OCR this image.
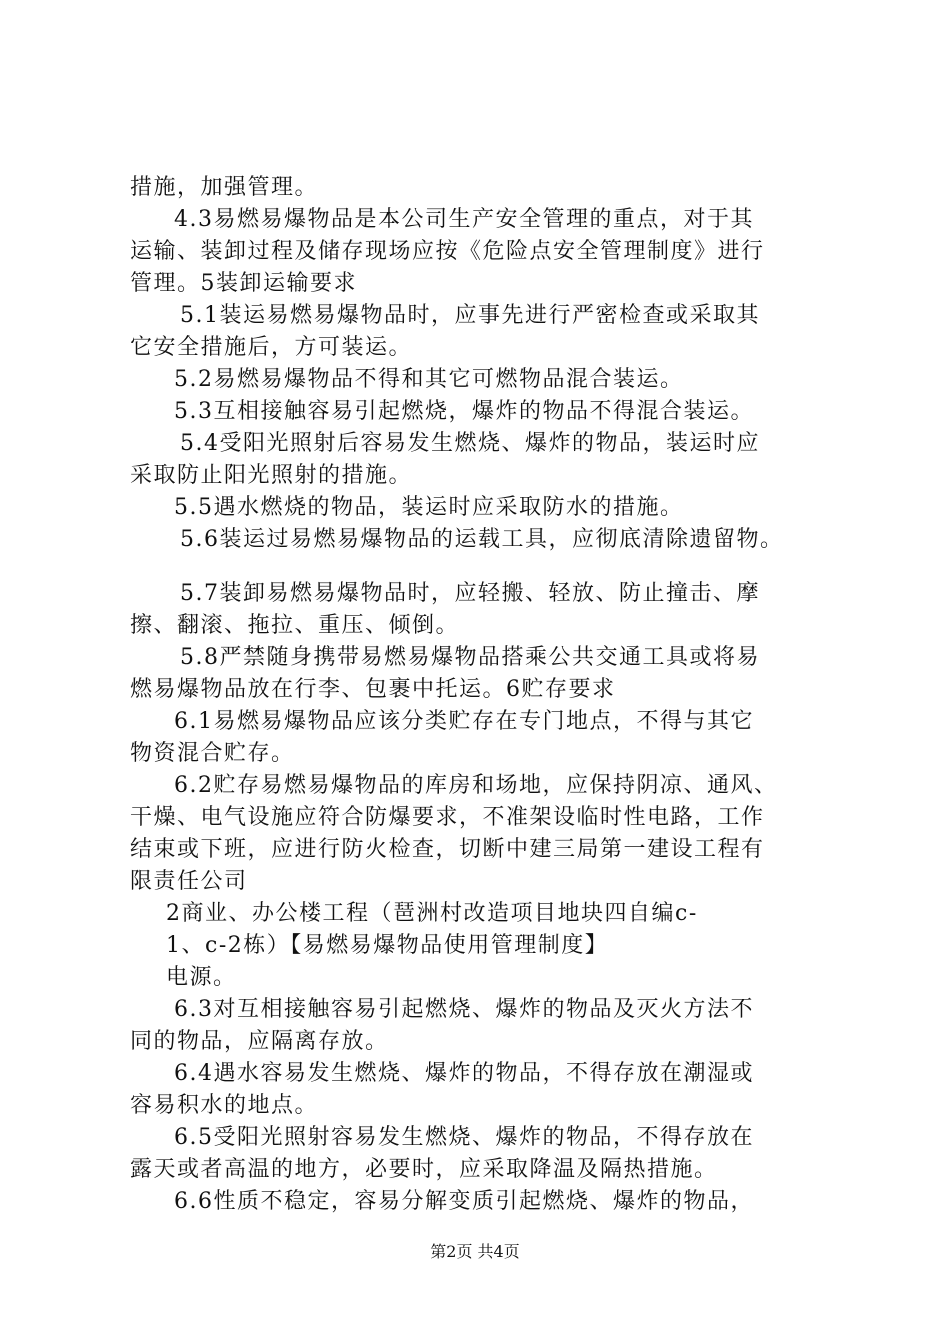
措施，加强管理。
4.3易燃易爆物品是本公司生产安全管理的重点，对于其
运输、装卸过程及储存现场应按《危险点安全管理制度》进行
管理。5装卸运输要求
5.1装运易燃易爆物品时，应事先进行严密检查或采取其
它安全措施后，方可装运。
5.2易燃易爆物品不得和其它可燃物品混合装运。
5.3互相接触容易引起燃烧，爆炸的物品不得混合装运。
5.4受阳光照射后容易发生燃烧、爆炸的物品，装运时应
采取防止阳光照射的措施。
5.5遇水燃烧的物品，装运时应采取防水的措施。
5.6装运过易燃易爆物品的运载工具，应彻底清除遗留物。
5.7装卸易燃易爆物品时，应轻搬、轻放、防止撞击、摩
擦、翻滚、拖拉、重压、倾倒。
5.8严禁随身携带易燃易爆物品搭乘公共交通工具或将易
燃易爆物品放在行李、包裹中托运。6贮存要求
6.1易燃易爆物品应该分类贮存在专门地点，不得与其它
物资混合贮存。
6.2贮存易燃易爆物品的库房和场地，应保持阴凉、通风、
干燥、电气设施应符合防爆要求，不准架设临时性电路，工作
结束或下班，应进行防火检查，切断中建三局第一建设工程有
限责任公司
2商业、办公楼工程（琶洲村改造项目地块四自编c-
1、c-2栋）【易燃易爆物品使用管理制度】
电源。
6.3对互相接触容易引起燃烧、爆炸的物品及灭火方法不
同的物品，应隔离存放。
6.4遇水容易发生燃烧、爆炸的物品，不得存放在潮湿或
容易积水的地点。
6.5受阳光照射容易发生燃烧、爆炸的物品，不得存放在
露天或者高温的地方，必要时，应采取降温及隔热措施。
6.6性质不稳定，容易分解变质引起燃烧、爆炸的物品，
第2页 共4页
